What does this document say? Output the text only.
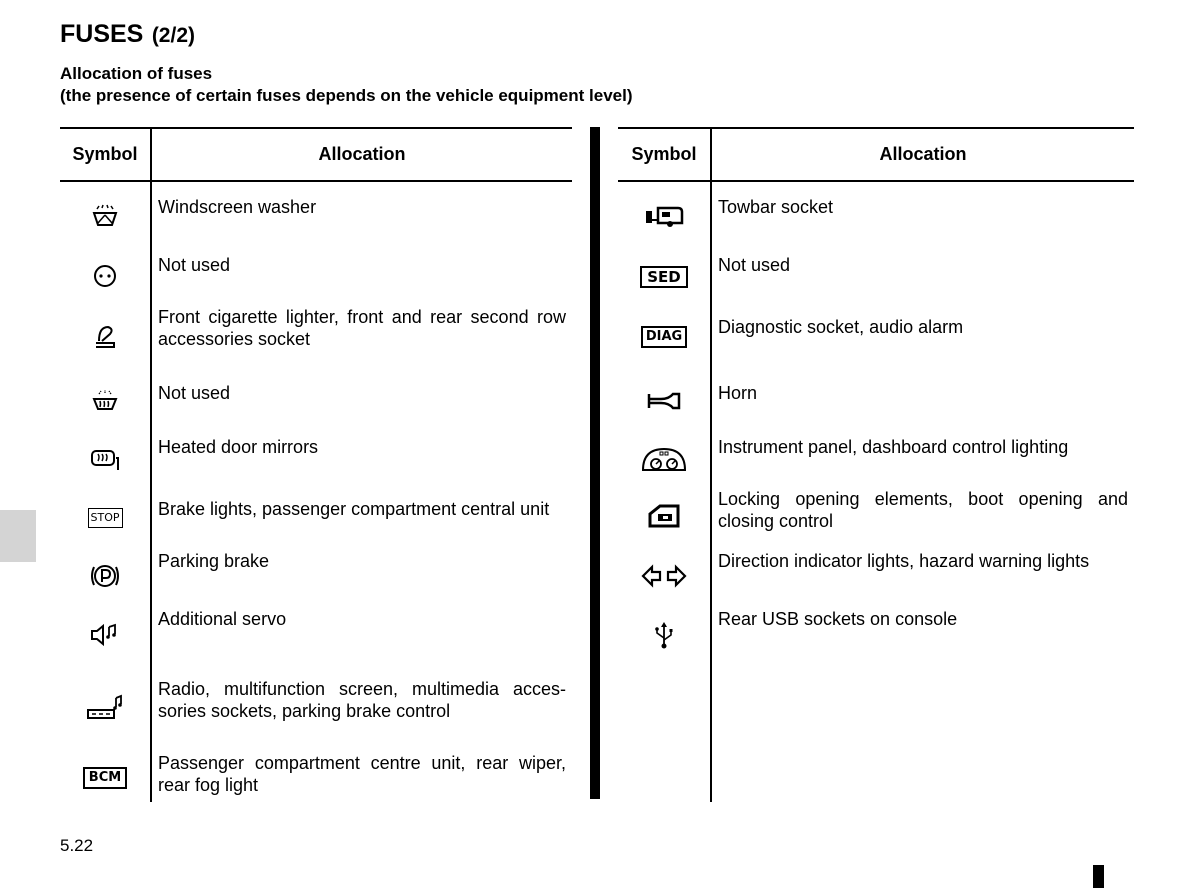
FUSES (2/2)
Allocation of fuses
(the presence of certain fuses depends on the vehicle equipment level)
Symbol	Allocation
	Windscreen washer
	Not used
	Front cigarette lighter, front and rear second row accessories socket
	Not used
	Heated door mirrors
STOP	Brake lights, passenger compartment central unit
	Parking brake
	Additional servo
	Radio, multifunction screen, multimedia acces-sories sockets, parking brake control
BCM	Passenger compartment centre unit, rear wiper, rear fog light
Symbol	Allocation
	Towbar socket
SED	Not used
DIAG	Diagnostic socket, audio alarm
	Horn
	Instrument panel, dashboard control lighting
	Locking opening elements, boot opening and closing control
	Direction indicator lights, hazard warning lights
	Rear USB sockets on console

5.22
